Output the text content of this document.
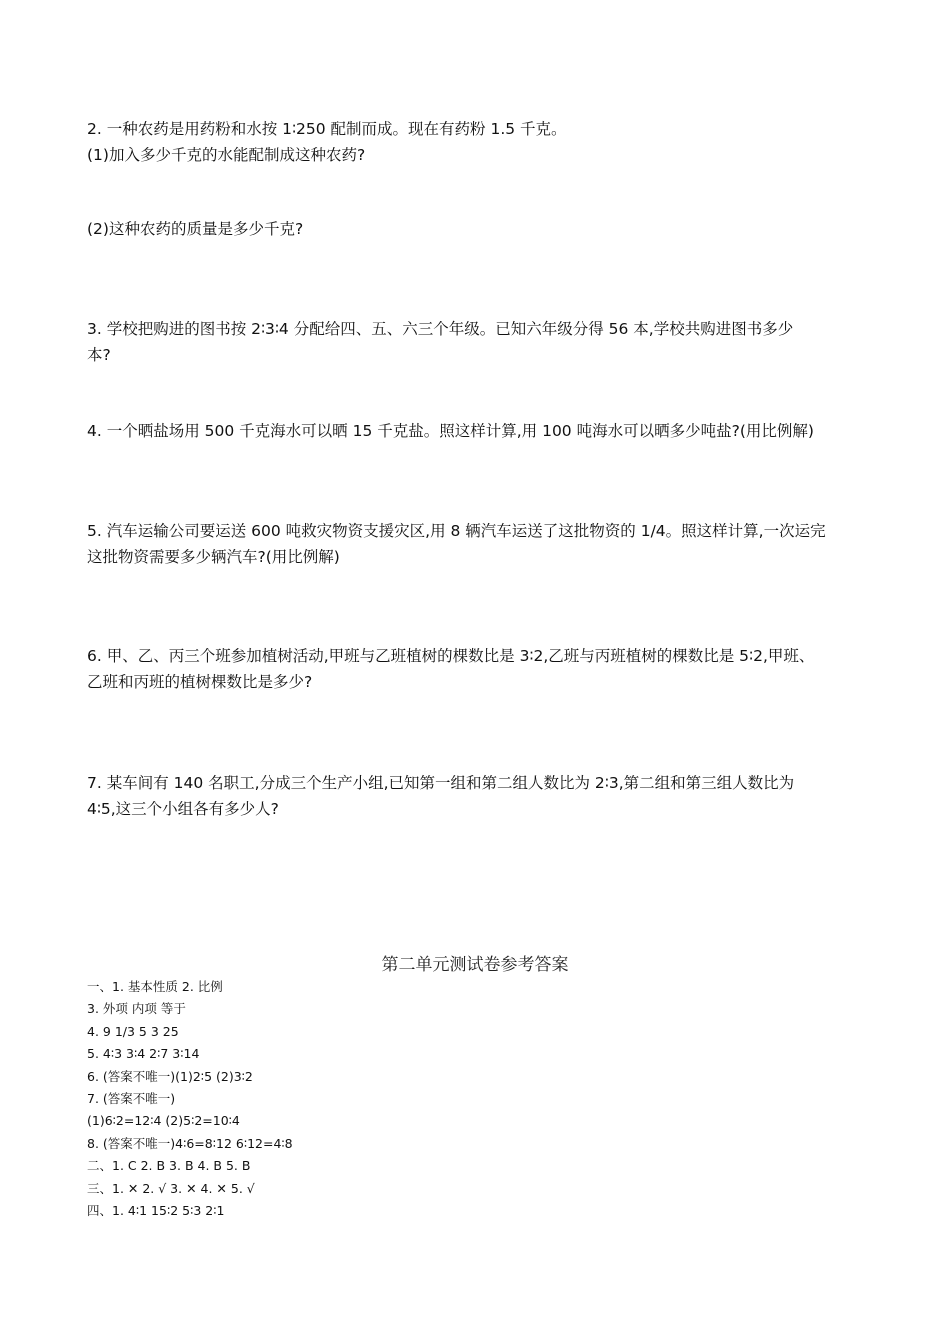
2. 一种农药是用药粉和水按 1∶250 配制而成。现在有药粉 1.5 千克。
(1)加入多少千克的水能配制成这种农药?
(2)这种农药的质量是多少千克?
3. 学校把购进的图书按 2∶3∶4 分配给四、五、六三个年级。已知六年级分得 56 本,学校共购进图书多少
本?
4. 一个晒盐场用 500 千克海水可以晒 15 千克盐。照这样计算,用 100 吨海水可以晒多少吨盐?(用比例解)
5. 汽车运输公司要运送 600 吨救灾物资支援灾区,用 8 辆汽车运送了这批物资的 1/4。照这样计算,一次运完
这批物资需要多少辆汽车?(用比例解)
6. 甲、乙、丙三个班参加植树活动,甲班与乙班植树的棵数比是 3∶2,乙班与丙班植树的棵数比是 5∶2,甲班、
乙班和丙班的植树棵数比是多少?
7. 某车间有 140 名职工,分成三个生产小组,已知第一组和第二组人数比为 2∶3,第二组和第三组人数比为
4∶5,这三个小组各有多少人?
第二单元测试卷参考答案
一、1. 基本性质 2. 比例
3. 外项 内项 等于
4. 9 1/3 5 3 25
5. 4∶3 3∶4 2∶7 3∶14
6. (答案不唯一)(1)2∶5 (2)3∶2
7. (答案不唯一)
(1)6∶2=12∶4 (2)5∶2=10∶4
8. (答案不唯一)4∶6=8∶12 6∶12=4∶8
二、1. C 2. B 3. B 4. B 5. B
三、1. ✕ 2. √ 3. ✕ 4. ✕ 5. √
四、1. 4∶1 15∶2 5∶3 2∶1
